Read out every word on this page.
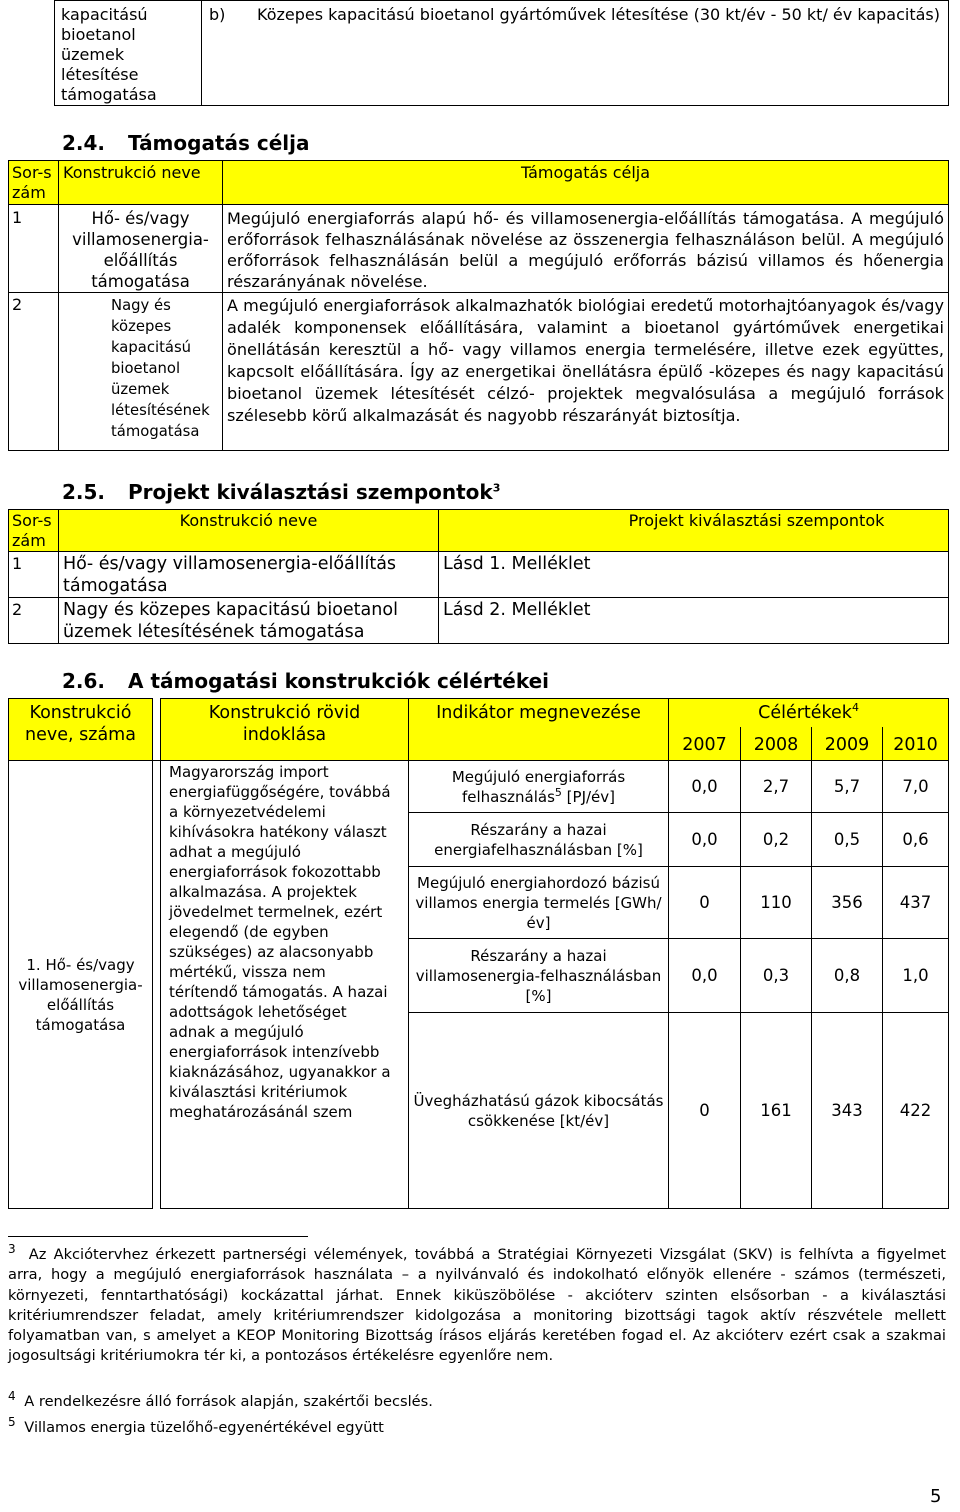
kapacitású bioetanol üzemek létesítése támogatása	
b) Közepes kapacitású bioetanol gyártóművek létesítése (30 kt/év - 50 kt/ év kapacitás)
2.4. Támogatás célja
Sor-szám	Konstrukció neve	Támogatás célja
1	Hő- és/vagy villamosenergia-előállítás támogatása	Megújuló energiaforrás alapú hő- és villamosenergia-előállítás támogatása. A megújuló erőforrások felhasználásának növelése az összenergia felhasználáson belül. A megújuló erőforrások felhasználásán belül a megújuló erőforrás bázisú villamos és hőenergia részarányának növelése.
2	Nagy és közepes kapacitású bioetanol üzemek létesítésének támogatása	A megújuló energiaforrások alkalmazhatók biológiai eredetű motorhajtóanyagok és/vagy adalék komponensek előállítására, valamint a bioetanol gyártóművek energetikai önellátásán keresztül a hő- vagy villamos energia termelésére, illetve ezek együttes, kapcsolt előállítására. Így az energetikai önellátásra épülő -közepes és nagy kapacitású bioetanol üzemek létesítését célzó- projektek megvalósulása a megújuló források szélesebb körű alkalmazását és nagyobb részarányát biztosítja.
2.5. Projekt kiválasztási szempontok$^3$
Sor-szám	Konstrukció neve	Projekt kiválasztási szempontok
1	Hő- és/vagy villamosenergia-előállítás támogatása	Lásd 1. Melléklet
2	Nagy és közepes kapacitású bioetanol üzemek létesítésének támogatása	Lásd 2. Melléklet
2.6. A támogatási konstrukciók célértékei
Konstrukció neve, száma		Konstrukció rövid indoklása	Indikátor megnevezése	Célértékek$^4$
				2007	2008	2009	2010
1. Hő- és/vagy villamosenergia-előállítás támogatása		Magyarország import energiafüggőségére, továbbá a környezetvédelemi kihívásokra hatékony választ adhat a megújuló energiaforrások fokozottabb alkalmazása. A projektek jövedelmet termelnek, ezért elegendő (de egyben szükséges) az alacsonyabb mértékű, vissza nem térítendő támogatás. A hazai adottságok lehetőséget adnak a megújuló energiaforrások intenzívebb kiaknázásához, ugyanakkor a kiválasztási kritériumok meghatározásánál szem	Megújuló energiaforrás felhasználás$^5$ [PJ/év]	0,0	2,7	5,7	7,0
			Részarány a hazai energiafelhasználásban [%]	0,0	0,2	0,5	0,6
			Megújuló energiahordozó bázisú villamos energia termelés [GWh/év]	0	110	356	437
			Részarány a hazai villamosenergia-felhasználásban [%]	0,0	0,3	0,8	1,0
			Üvegházhatású gázok kibocsátás csökkenése [kt/év]	0	161	343	422
$^3$ Az Akciótervhez érkezett partnerségi vélemények, továbbá a Stratégiai Környezeti Vizsgálat (SKV) is felhívta a figyelmet arra, hogy a megújuló energiaforrások használata – a nyilvánvaló és indokolható előnyök ellenére - számos (természeti, környezeti, fenntarthatósági) kockázattal járhat. Ennek kiküszöbölése - akcióterv szinten elsősorban - a kiválasztási kritériumrendszer feladat, amely kritériumrendszer kidolgozása a monitoring bizottsági tagok aktív részvétele mellett folyamatban van, s amelyet a KEOP Monitoring Bizottság írásos eljárás keretében fogad el. Az akcióterv ezért csak a szakmai jogosultsági kritériumokra tér ki, a pontozásos értékelésre egyenlőre nem.
$^4$ A rendelkezésre álló források alapján, szakértői becslés.
$^5$ Villamos energia tüzelőhő-egyenértékével együtt
5
